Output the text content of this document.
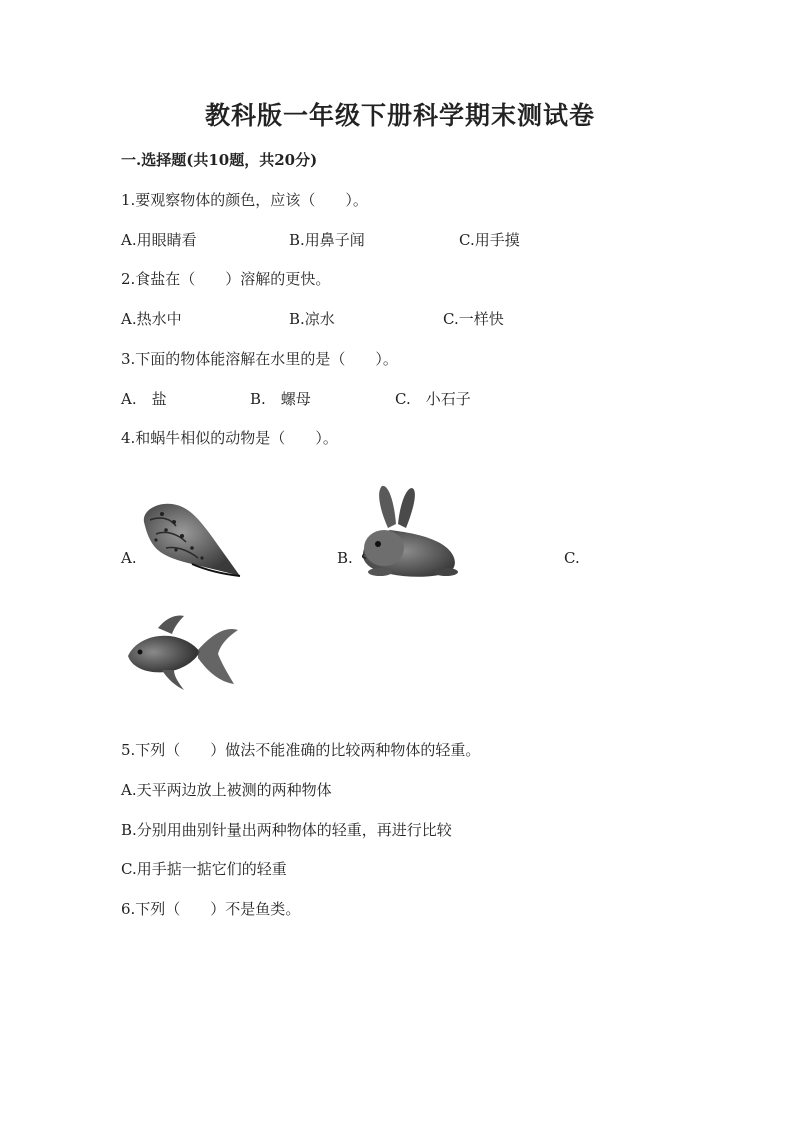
教科版一年级下册科学期末测试卷
一.选择题(共10题，共20分)
1.要观察物体的颜色，应该（　　）。
A.用眼睛看	B.用鼻子闻	C.用手摸
2.食盐在（　　）溶解的更快。
A.热水中	B.凉水	C.一样快
3.下面的物体能溶解在水里的是（　　）。
A.　盐	B.　螺母	C.　小石子
4.和蜗牛相似的动物是（　　）。
A.	B.	C.
5.下列（　　）做法不能准确的比较两种物体的轻重。
A.天平两边放上被测的两种物体
B.分别用曲别针量出两种物体的轻重，再进行比较
C.用手掂一掂它们的轻重
6.下列（　　）不是鱼类。
